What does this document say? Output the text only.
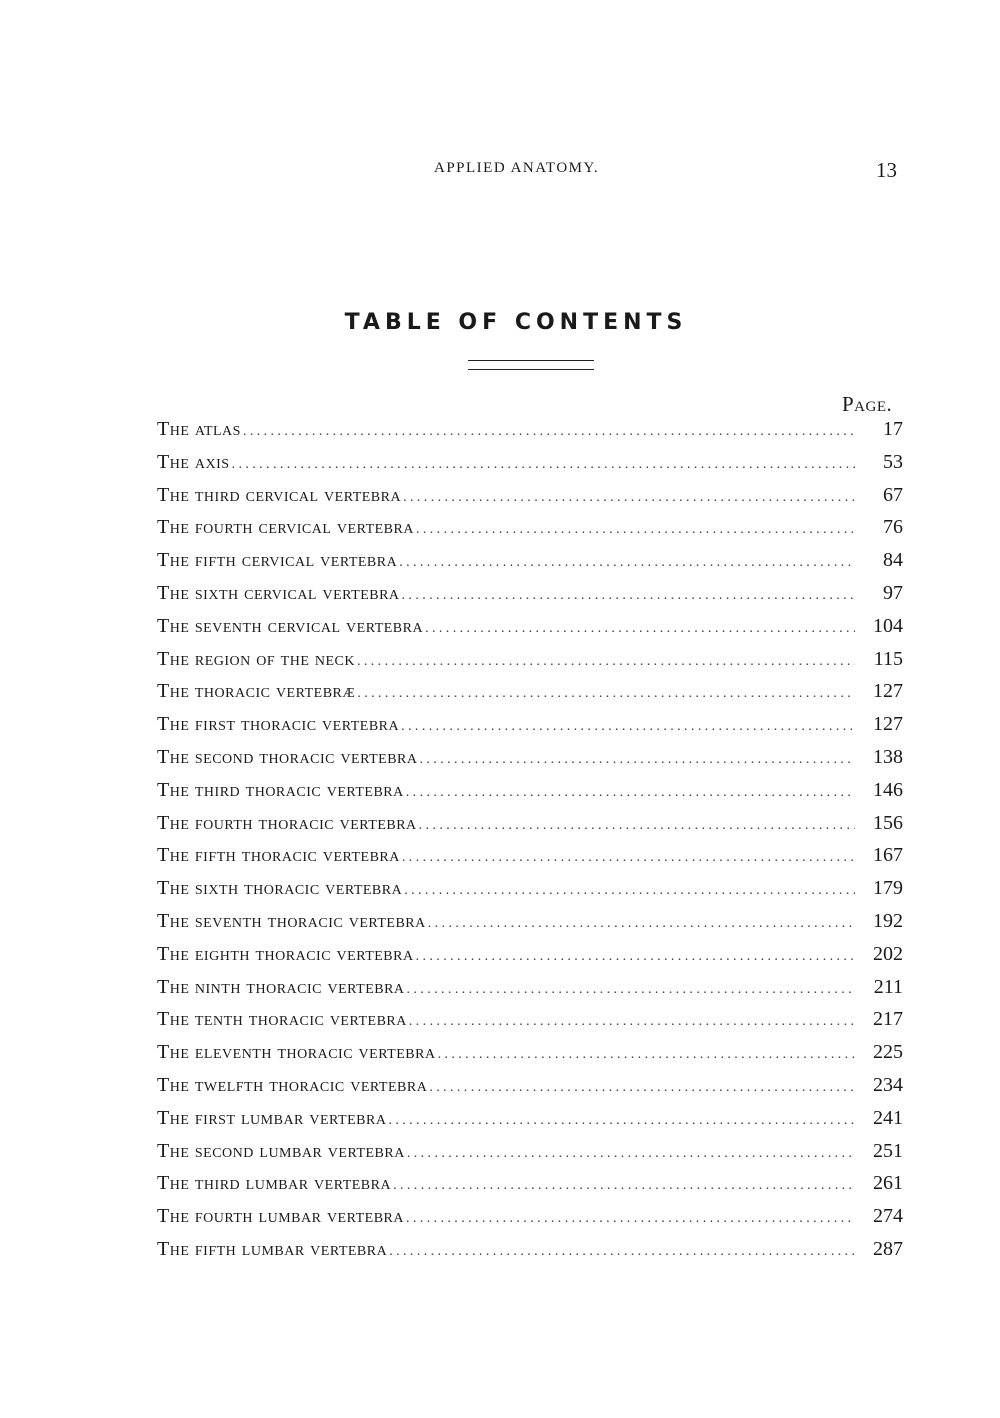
APPLIED ANATOMY.	13
TABLE OF CONTENTS
Page.
The atlas .....	17
The axis .....	53
The third cervical vertebra .....	67
The fourth cervical vertebra .....	76
The fifth cervical vertebra .....	84
The sixth cervical vertebra .....	97
The seventh cervical vertebra .....	104
The region of the neck .....	115
The thoracic vertebræ .....	127
The first thoracic vertebra .....	127
The second thoracic vertebra .....	138
The third thoracic vertebra .....	146
The fourth thoracic vertebra .....	156
The fifth thoracic vertebra .....	167
The sixth thoracic vertebra .....	179
The seventh thoracic vertebra .....	192
The eighth thoracic vertebra .....	202
The ninth thoracic vertebra .....	211
The tenth thoracic vertebra .....	217
The eleventh thoracic vertebra .....	225
The twelfth thoracic vertebra .....	234
The first lumbar vertebra .....	241
The second lumbar vertebra .....	251
The third lumbar vertebra .....	261
The fourth lumbar vertebra .....	274
The fifth lumbar vertebra .....	287
